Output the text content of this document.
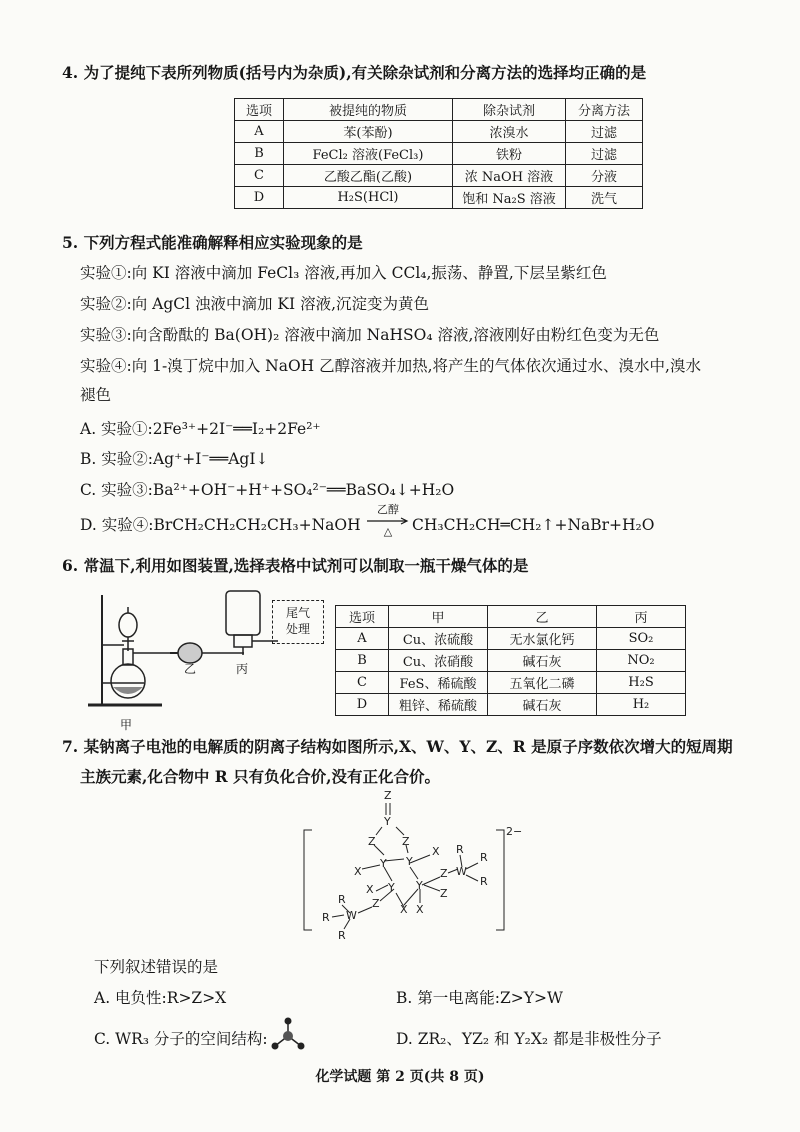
4. 为了提纯下表所列物质(括号内为杂质),有关除杂试剂和分离方法的选择均正确的是
选项	被提纯的物质	除杂试剂	分离方法
A	苯(苯酚)	浓溴水	过滤
B	FeCl₂ 溶液(FeCl₃)	铁粉	过滤
C	乙酸乙酯(乙酸)	浓 NaOH 溶液	分液
D	H₂S(HCl)	饱和 Na₂S 溶液	洗气
5. 下列方程式能准确解释相应实验现象的是
实验①:向 KI 溶液中滴加 FeCl₃ 溶液,再加入 CCl₄,振荡、静置,下层呈紫红色
实验②:向 AgCl 浊液中滴加 KI 溶液,沉淀变为黄色
实验③:向含酚酞的 Ba(OH)₂ 溶液中滴加 NaHSO₄ 溶液,溶液刚好由粉红色变为无色
实验④:向 1-溴丁烷中加入 NaOH 乙醇溶液并加热,将产生的气体依次通过水、溴水中,溴水
褪色
A. 实验①:2Fe³⁺+2I⁻══I₂+2Fe²⁺
B. 实验②:Ag⁺+I⁻══AgI↓
C. 实验③:Ba²⁺+OH⁻+H⁺+SO₄²⁻══BaSO₄↓+H₂O
D. 实验④:BrCH₂CH₂CH₂CH₃+NaOH
乙醇
△	CH₃CH₂CH═CH₂↑+NaBr+H₂O
6. 常温下,利用如图装置,选择表格中试剂可以制取一瓶干燥气体的是
尾气
处理
甲
乙	丙
选项	甲	乙	丙
A	Cu、浓硫酸	无水氯化钙	SO₂
B	Cu、浓硝酸	碱石灰	NO₂
C	FeS、稀硫酸	五氧化二磷	H₂S
D	粗锌、稀硫酸	碱石灰	H₂
7. 某钠离子电池的电解质的阴离子结构如图所示,X、W、Y、Z、R 是原子序数依次增大的短周期
主族元素,化合物中 R 只有负化合价,没有正化合价。
Z
Y
Z Z
Y Y
X
X
Y Y
Z W
R
R
R
X
Z X X
Z
W
R
R
R
2−
下列叙述错误的是
A. 电负性:R>Z>X	B. 第一电离能:Z>Y>W
C. WR₃ 分子的空间结构:	D. ZR₂、YZ₂ 和 Y₂X₂ 都是非极性分子
化学试题 第 2 页(共 8 页)
